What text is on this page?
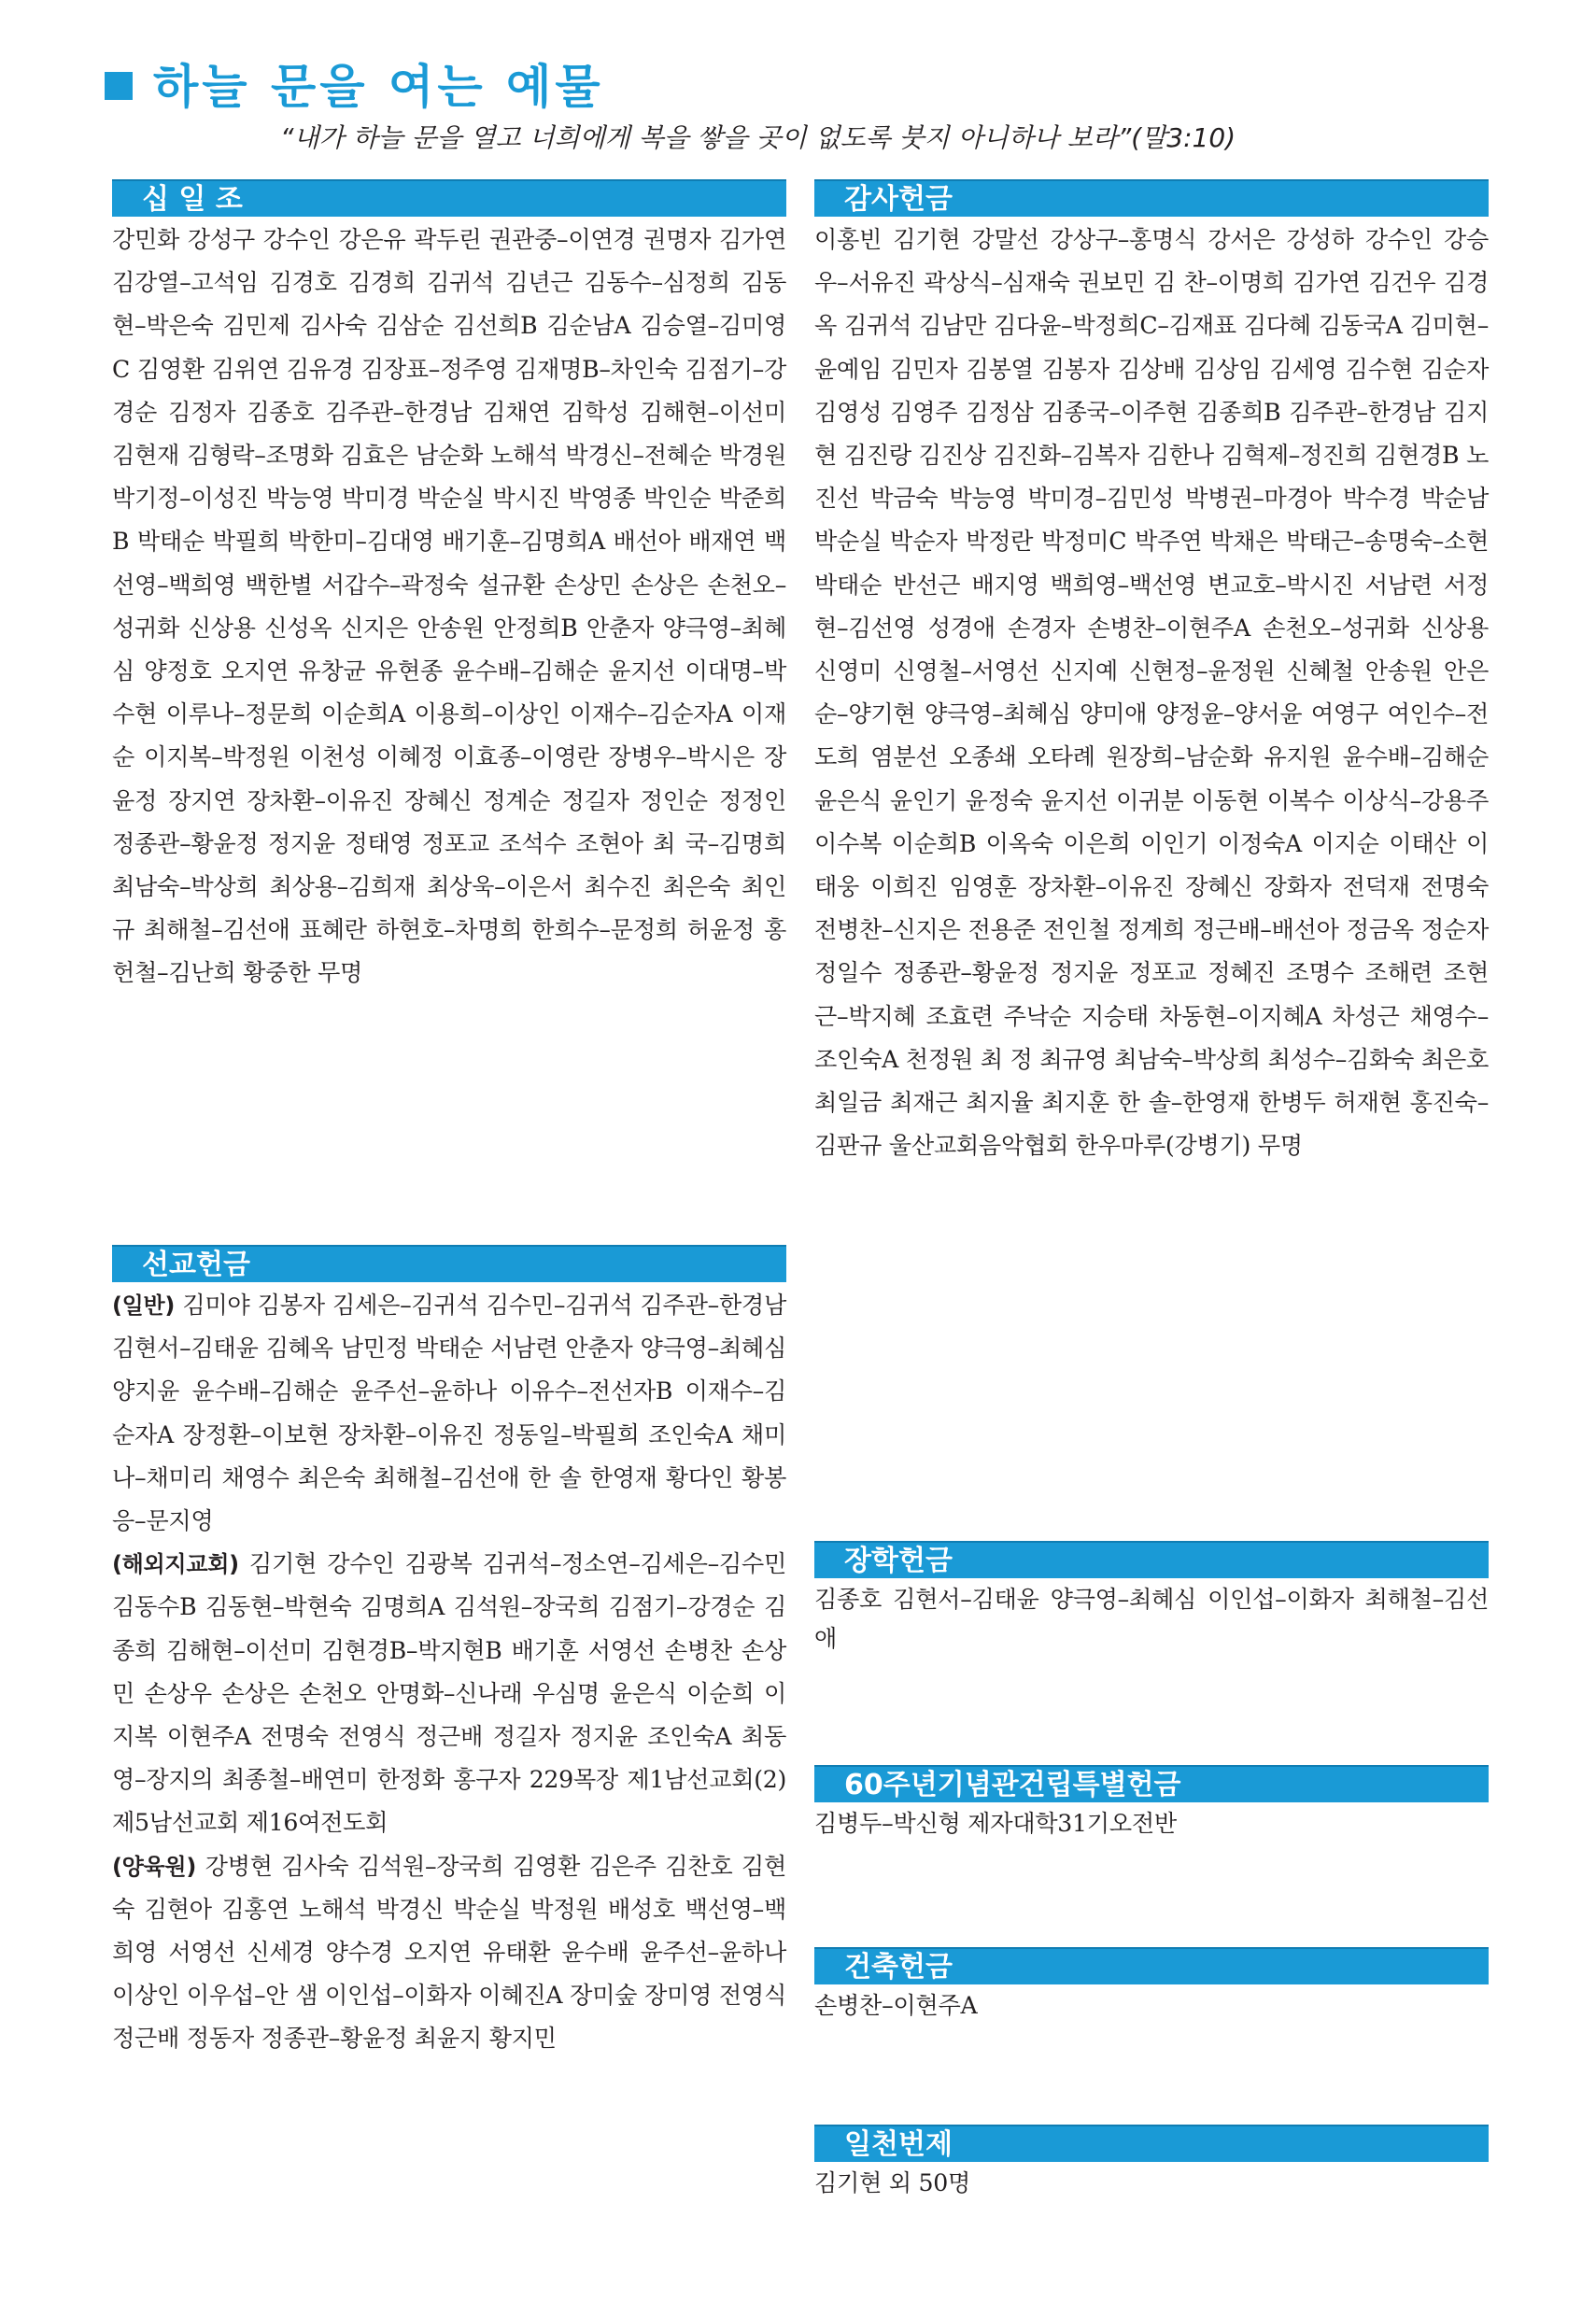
하늘 문을 여는 예물
“내가 하늘 문을 열고 너희에게 복을 쌓을 곳이 없도록 붓지 아니하나 보라”(말3:10)
십 일 조
강민화 강성구 강수인 강은유 곽두린 권관중–이연경 권명자 김가연 김강열–고석임 김경호 김경희 김귀석 김년근 김동수–심정희 김동현–박은숙 김민제 김사숙 김삼순 김선희B 김순남A 김승열–김미영C 김영환 김위연 김유경 김장표–정주영 김재명B–차인숙 김점기–강경순 김정자 김종호 김주관–한경남 김채연 김학성 김해현–이선미 김현재 김형락–조명화 김효은 남순화 노해석 박경신–전혜순 박경원 박기정–이성진 박능영 박미경 박순실 박시진 박영종 박인순 박준희B 박태순 박필희 박한미–김대영 배기훈–김명희A 배선아 배재연 백선영–백희영 백한별 서갑수–곽정숙 설규환 손상민 손상은 손천오–성귀화 신상용 신성옥 신지은 안송원 안정희B 안춘자 양극영–최혜심 양정호 오지연 유창균 유현종 윤수배–김해순 윤지선 이대명–박수현 이루나–정문희 이순희A 이용희–이상인 이재수–김순자A 이재순 이지복–박정원 이천성 이혜정 이효종–이영란 장병우–박시은 장윤정 장지연 장차환–이유진 장혜신 정계순 정길자 정인순 정정인 정종관–황윤정 정지윤 정태영 정포교 조석수 조현아 최 국–김명희 최남숙–박상희 최상용–김희재 최상욱–이은서 최수진 최은숙 최인규 최해철–김선애 표혜란 하현호–차명희 한희수–문정희 허윤정 홍헌철–김난희 황중한 무명
선교헌금
(일반) 김미야 김봉자 김세은–김귀석 김수민–김귀석 김주관–한경남 김현서–김태윤 김혜옥 남민정 박태순 서남련 안춘자 양극영–최혜심 양지윤 윤수배–김해순 윤주선–윤하나 이유수–전선자B 이재수–김순자A 장정환–이보현 장차환–이유진 정동일–박필희 조인숙A 채미나–채미리 채영수 최은숙 최해철–김선애 한 솔 한영재 황다인 황봉응–문지영
(해외지교회) 김기현 강수인 김광복 김귀석–정소연–김세은–김수민 김동수B 김동현–박현숙 김명희A 김석원–장국희 김점기–강경순 김종희 김해현–이선미 김현경B–박지현B 배기훈 서영선 손병찬 손상민 손상우 손상은 손천오 안명화–신나래 우심명 윤은식 이순희 이지복 이현주A 전명숙 전영식 정근배 정길자 정지윤 조인숙A 최동영–장지의 최종철–배연미 한정화 홍구자 229목장 제1남선교회(2) 제5남선교회 제16여전도회
(양육원) 강병현 김사숙 김석원–장국희 김영환 김은주 김찬호 김현숙 김현아 김홍연 노해석 박경신 박순실 박정원 배성호 백선영–백희영 서영선 신세경 양수경 오지연 유태환 윤수배 윤주선–윤하나 이상인 이우섭–안 샘 이인섭–이화자 이혜진A 장미숲 장미영 전영식 정근배 정동자 정종관–황윤정 최윤지 황지민
감사헌금
이홍빈 김기현 강말선 강상구–홍명식 강서은 강성하 강수인 강승우–서유진 곽상식–심재숙 권보민 김 찬–이명희 김가연 김건우 김경옥 김귀석 김남만 김다윤–박정희C–김재표 김다혜 김동국A 김미현–윤예임 김민자 김봉열 김봉자 김상배 김상임 김세영 김수현 김순자 김영성 김영주 김정삼 김종국–이주현 김종희B 김주관–한경남 김지현 김진랑 김진상 김진화–김복자 김한나 김혁제–정진희 김현경B 노진선 박금숙 박능영 박미경–김민성 박병권–마경아 박수경 박순남 박순실 박순자 박정란 박정미C 박주연 박채은 박태근–송명숙–소현 박태순 반선근 배지영 백희영–백선영 변교호–박시진 서남련 서정현–김선영 성경애 손경자 손병찬–이현주A 손천오–성귀화 신상용 신영미 신영철–서영선 신지예 신현정–윤정원 신혜철 안송원 안은순–양기현 양극영–최혜심 양미애 양정윤–양서윤 여영구 여인수–전도희 염분선 오종쇄 오타례 원장희–남순화 유지원 윤수배–김해순 윤은식 윤인기 윤정숙 윤지선 이귀분 이동현 이복수 이상식–강용주 이수복 이순희B 이옥숙 이은희 이인기 이정숙A 이지순 이태산 이태웅 이희진 임영훈 장차환–이유진 장혜신 장화자 전덕재 전명숙 전병찬–신지은 전용준 전인철 정계희 정근배–배선아 정금옥 정순자 정일수 정종관–황윤정 정지윤 정포교 정혜진 조명수 조해련 조현근–박지혜 조효련 주낙순 지승태 차동현–이지혜A 차성근 채영수–조인숙A 천정원 최 정 최규영 최남숙–박상희 최성수–김화숙 최은호 최일금 최재근 최지율 최지훈 한 솔–한영재 한병두 허재현 홍진숙–김판규 울산교회음악협회 한우마루(강병기) 무명
장학헌금
김종호 김현서–김태윤 양극영–최혜심 이인섭–이화자 최해철–김선애
60주년기념관건립특별헌금
김병두–박신형 제자대학31기오전반
건축헌금
손병찬–이현주A
일천번제
김기현 외 50명
